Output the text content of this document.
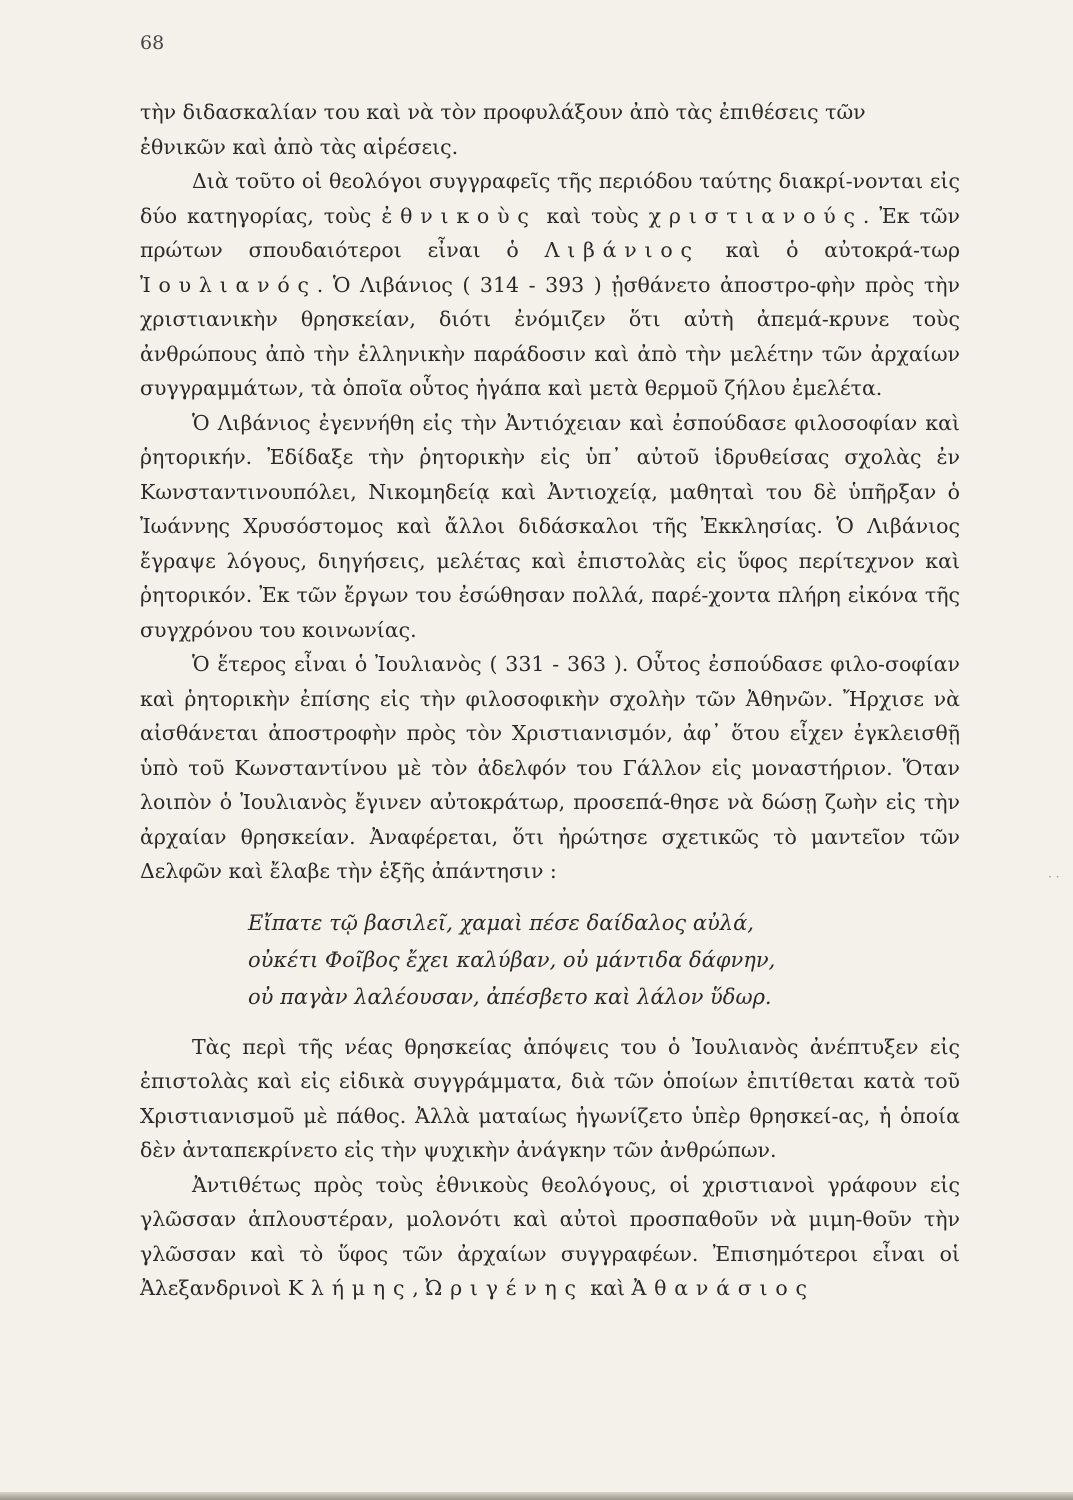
68

τὴν διδασκαλίαν του καὶ νὰ τὸν προφυλάξουν ἀπὸ τὰς ἐπιθέσεις τῶν
ἐθνικῶν καὶ ἀπὸ τὰς αἱρέσεις.

Διὰ τοῦτο οἱ θεολόγοι συγγραφεῖς τῆς περιόδου ταύτης διακρί-νονται εἰς δύο κατηγορίας, τοὺς ἐθνικοὺς καὶ τοὺς χριστιανούς. Ἐκ τῶν πρώτων σπουδαιότεροι εἶναι ὁ Λιβάνιος καὶ ὁ αὐτοκρά-τωρ Ἰουλιανός. Ὁ Λιβάνιος ( 314 - 393 ) ᾐσθάνετο ἀποστρο-φὴν πρὸς τὴν χριστιανικὴν θρησκείαν, διότι ἐνόμιζεν ὅτι αὐτὴ ἀπεμά-κρυνε τοὺς ἀνθρώπους ἀπὸ τὴν ἑλληνικὴν παράδοσιν καὶ ἀπὸ τὴν μελέτην τῶν ἀρχαίων συγγραμμάτων, τὰ ὁποῖα οὗτος ἠγάπα καὶ μετὰ θερμοῦ ζήλου ἐμελέτα.

Ὁ Λιβάνιος ἐγεννήθη εἰς τὴν Ἀντιόχειαν καὶ ἐσπούδασε φιλοσοφίαν καὶ ῥητορικήν. Ἐδίδαξε τὴν ῥητορικὴν εἰς ὑπ᾽ αὐτοῦ ἱδρυθείσας σχολὰς ἐν Κωνσταντινουπόλει, Νικομηδείᾳ καὶ Ἀντιοχείᾳ, μαθηταὶ του δὲ ὑπῆρξαν ὁ Ἰωάννης Χρυσόστομος καὶ ἄλλοι διδάσκαλοι τῆς Ἐκκλησίας. Ὁ Λιβάνιος ἔγραψε λόγους, διηγήσεις, μελέτας καὶ ἐπιστολὰς εἰς ὕφος περίτεχνον καὶ ῥητορικόν. Ἐκ τῶν ἔργων του ἐσώθησαν πολλά, παρέ-χοντα πλήρη εἰκόνα τῆς συγχρόνου του κοινωνίας.

Ὁ ἕτερος εἶναι ὁ Ἰουλιανὸς ( 331 - 363 ). Οὗτος ἐσπούδασε φιλο-σοφίαν καὶ ῥητορικὴν ἐπίσης εἰς τὴν φιλοσοφικὴν σχολὴν τῶν Ἀθηνῶν. Ἤρχισε νὰ αἰσθάνεται ἀποστροφὴν πρὸς τὸν Χριστιανισμόν, ἀφ᾽ ὅτου εἶχεν ἐγκλεισθῇ ὑπὸ τοῦ Κωνσταντίνου μὲ τὸν ἀδελφόν του Γάλλον εἰς μοναστήριον. Ὅταν λοιπὸν ὁ Ἰουλιανὸς ἔγινεν αὐτοκράτωρ, προσεπά-θησε νὰ δώσῃ ζωὴν εἰς τὴν ἀρχαίαν θρησκείαν. Ἀναφέρεται, ὅτι ἠρώτησε σχετικῶς τὸ μαντεῖον τῶν Δελφῶν καὶ ἔλαβε τὴν ἑξῆς ἀπάντησιν :

Εἴπατε τῷ βασιλεῖ, χαμαὶ πέσε δαίδαλος αὐλά,
οὐκέτι Φοῖβος ἔχει καλύβαν, οὐ μάντιδα δάφνην,
οὐ παγὰν λαλέουσαν, ἀπέσβετο καὶ λάλον ὕδωρ.

Τὰς περὶ τῆς νέας θρησκείας ἀπόψεις του ὁ Ἰουλιανὸς ἀνέπτυξεν εἰς ἐπιστολὰς καὶ εἰς εἰδικὰ συγγράμματα, διὰ τῶν ὁποίων ἐπιτίθεται κατὰ τοῦ Χριστιανισμοῦ μὲ πάθος. Ἀλλὰ ματαίως ἠγωνίζετο ὑπὲρ θρησκεί-ας, ἡ ὁποία δὲν ἀνταπεκρίνετο εἰς τὴν ψυχικὴν ἀνάγκην τῶν ἀνθρώπων.

Ἀντιθέτως πρὸς τοὺς ἐθνικοὺς θεολόγους, οἱ χριστιανοὶ γράφουν εἰς γλῶσσαν ἁπλουστέραν, μολονότι καὶ αὐτοὶ προσπαθοῦν νὰ μιμη-θοῦν τὴν γλῶσσαν καὶ τὸ ὕφος τῶν ἀρχαίων συγγραφέων. Ἐπισημότεροι εἶναι οἱ Ἀλεξανδρινοὶ Κλήμης, Ὠριγένης καὶ Ἀθανάσιος

· ·
